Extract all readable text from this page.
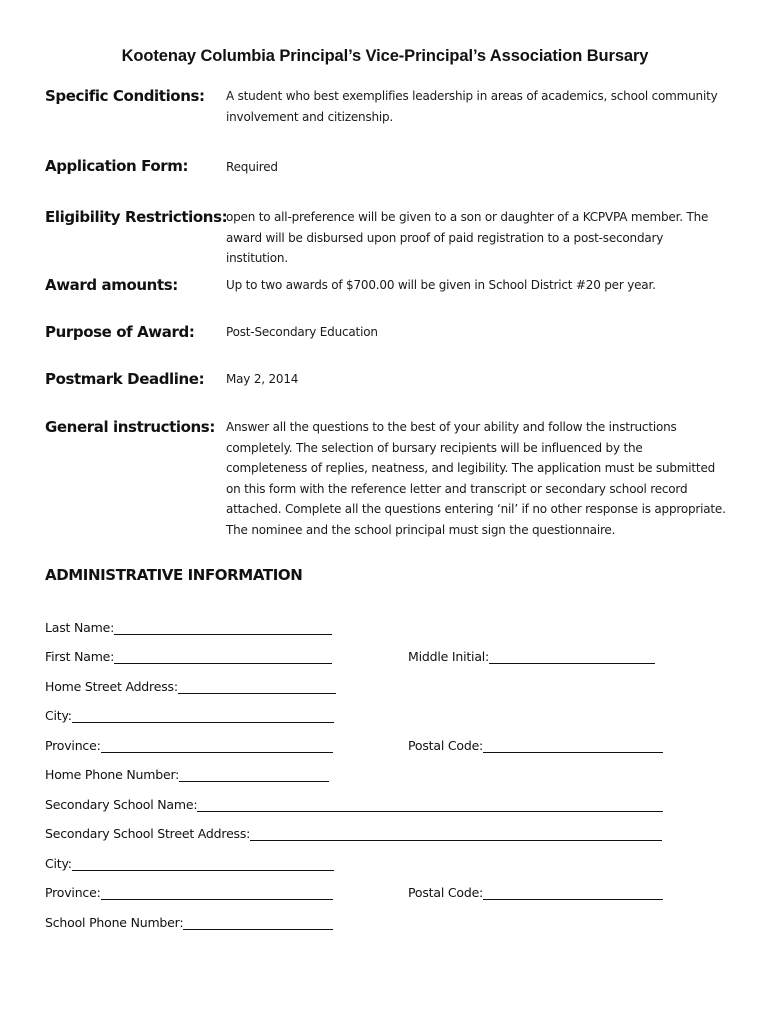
Kootenay Columbia Principal’s Vice-Principal’s Association Bursary
Specific Conditions: A student who best exemplifies leadership in areas of academics, school community involvement and citizenship.
Application Form:	Required
Eligibility Restrictions:
open to all-preference will be given to a son or daughter of a KCPVPA member. The award will be disbursed upon proof of paid registration to a post-secondary institution.
Award amounts:	Up to two awards of $700.00 will be given in School District #20 per year.
Purpose of Award:	Post-Secondary Education
Postmark Deadline: May 2, 2014
General instructions: Answer all the questions to the best of your ability and follow the instructions completely. The selection of bursary recipients will be influenced by the completeness of replies, neatness, and legibility. The application must be submitted on this form with the reference letter and transcript or secondary school record attached. Complete all the questions entering ‘nil’ if no other response is appropriate. The nominee and the school principal must sign the questionnaire.
ADMINISTRATIVE INFORMATION
Last Name:
First Name:	Middle Initial:
Home Street Address:
City:
Province:	Postal Code:
Home Phone Number:
Secondary School Name:
Secondary School Street Address:
City:
Province:	Postal Code:
School Phone Number:
